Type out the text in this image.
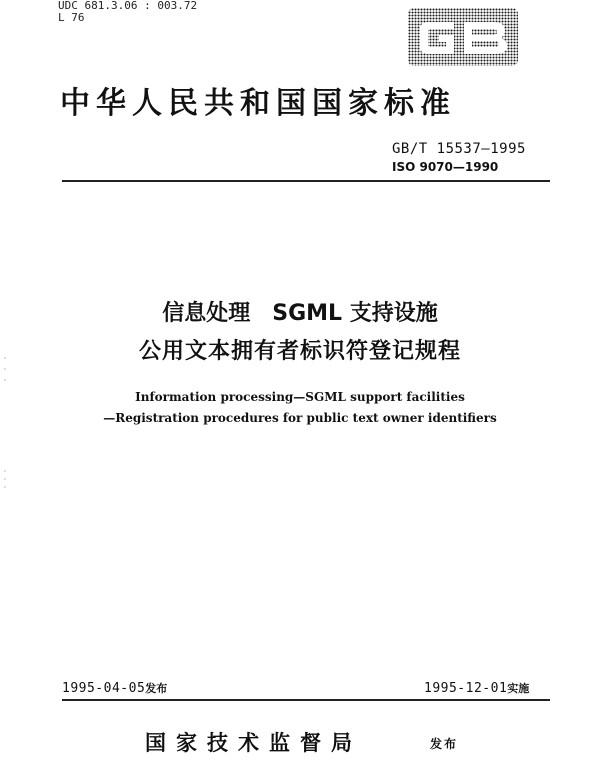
UDC 681.3.06 : 003.72
L 76
中华人民共和国国家标准
GB/T 15537—1995
ISO 9070—1990
信息处理　SGML 支持设施
公用文本拥有者标识符登记规程
Information processing—SGML support facilities
—Registration procedures for public text owner identifiers
1995-04-05发布	1995-12-01实施
国家技术监督局	发布
